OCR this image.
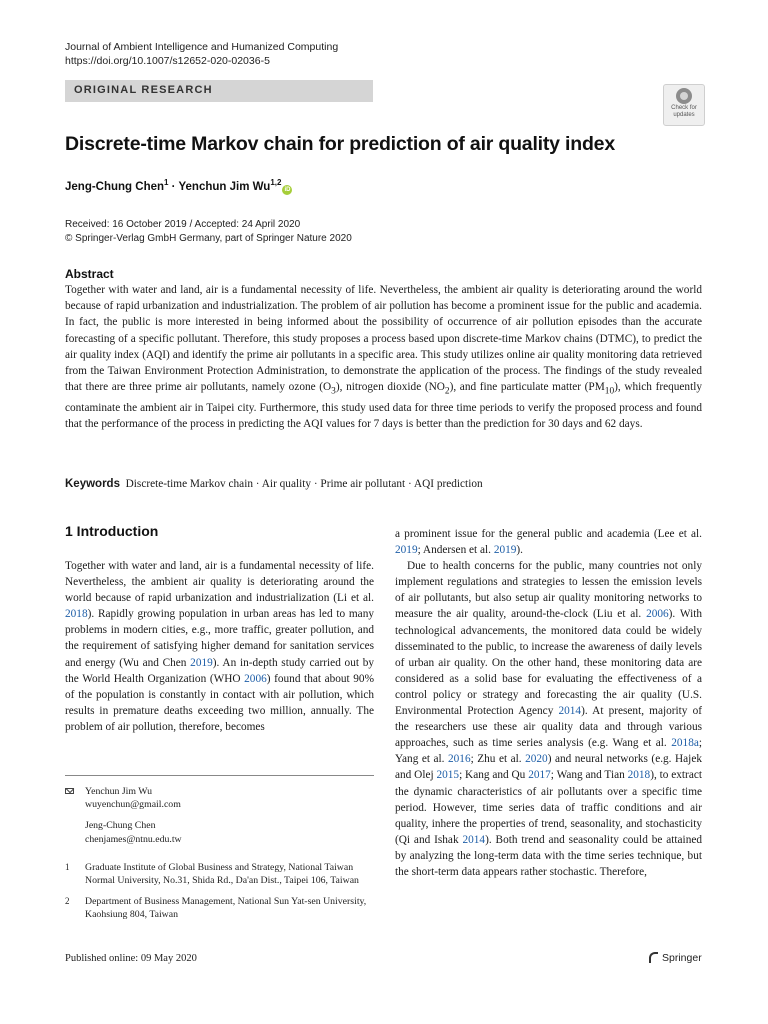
Journal of Ambient Intelligence and Humanized Computing
https://doi.org/10.1007/s12652-020-02036-5
ORIGINAL RESEARCH
Check for
updates
Discrete-time Markov chain for prediction of air quality index
Jeng-Chung Chen$^1$ · Yenchun Jim Wu$^{1,2}$iD
Received: 16 October 2019 / Accepted: 24 April 2020
© Springer-Verlag GmbH Germany, part of Springer Nature 2020
Abstract
Together with water and land, air is a fundamental necessity of life. Nevertheless, the ambient air quality is deteriorating around the world because of rapid urbanization and industrialization. The problem of air pollution has become a prominent issue for the public and academia. In fact, the public is more interested in being informed about the possibility of occurrence of air pollution episodes than the accurate forecasting of a specific pollutant. Therefore, this study proposes a process based upon discrete-time Markov chains (DTMC), to predict the air quality index (AQI) and identify the prime air pollutants in a specific area. This study utilizes online air quality monitoring data retrieved from the Taiwan Environment Protection Administration, to demonstrate the application of the process. The findings of the study revealed that there are three prime air pollutants, namely ozone $(O_3)$, nitrogen dioxide $(NO_2)$, and fine particulate matter $(PM_{10})$, which frequently contaminate the ambient air in Taipei city. Furthermore, this study used data for three time periods to verify the proposed process and found that the performance of the process in predicting the AQI values for 7 days is better than the prediction for 30 days and 62 days.
Keywords Discrete-time Markov chain · Air quality · Prime air pollutant · AQI prediction
1 Introduction

Together with water and land, air is a fundamental necessity of life. Nevertheless, the ambient air quality is deteriorating around the world because of rapid urbanization and industrialization (Li et al. 2018). Rapidly growing population in urban areas has led to many problems in modern cities, e.g., more traffic, greater pollution, and the requirement of satisfying higher demand for sanitation services and energy (Wu and Chen 2019). An in-depth study carried out by the World Health Organization (WHO 2006) found that about 90% of the population is constantly in contact with air pollution, which results in premature deaths exceeding two million, annually. The problem of air pollution, therefore, becomes

a prominent issue for the general public and academia (Lee et al. 2019; Andersen et al. 2019).

Due to health concerns for the public, many countries not only implement regulations and strategies to lessen the emission levels of air pollutants, but also setup air quality monitoring networks to measure the air quality, around-the-clock (Liu et al. 2006). With technological advancements, the monitored data could be widely disseminated to the public, to increase the awareness of daily levels of urban air quality. On the other hand, these monitoring data are considered as a solid base for evaluating the effectiveness of a control policy or strategy and forecasting the air quality (U.S. Environmental Protection Agency 2014). At present, majority of the researchers use these air quality data and through various approaches, such as time series analysis (e.g. Wang et al. 2018a; Yang et al. 2016; Zhu et al. 2020) and neural networks (e.g. Hajek and Olej 2015; Kang and Qu 2017; Wang and Tian 2018), to extract the dynamic characteristics of air pollutants over a specific time period. However, time series data of traffic conditions and air quality, inhere the properties of trend, seasonality, and stochasticity (Qi and Ishak 2014). Both trend and seasonality could be attained by analyzing the long-term data with the time series technique, but the short-term data appears rather stochastic. Therefore,

Yenchun Jim Wu
wuyenchun@gmail.com
Jeng-Chung Chen
chenjames@ntnu.edu.tw
1 Graduate Institute of Global Business and Strategy, National Taiwan Normal University, No.31, Shida Rd., Da'an Dist., Taipei 106, Taiwan
2 Department of Business Management, National Sun Yat-sen University, Kaohsiung 804, Taiwan
Published online: 09 May 2020	Springer
